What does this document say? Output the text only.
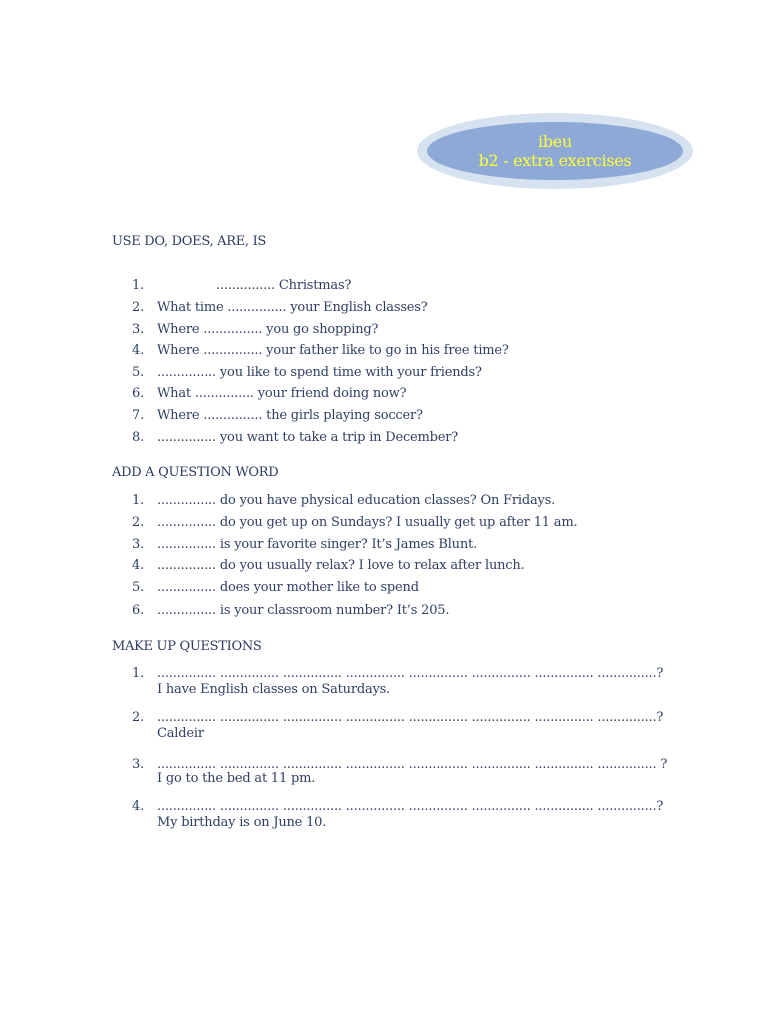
ibeu
b2 - extra exercises
USE DO, DOES, ARE, IS
1. ............... Christmas?
2. What time ............... your English classes?
3. Where ............... you go shopping?
4. Where ............... your father like to go in his free time?
5. ............... you like to spend time with your friends?
6. What ............... your friend doing now?
7. Where ............... the girls playing soccer?
8. ............... you want to take a trip in December?
ADD A QUESTION WORD
1. ............... do you have physical education classes? On Fridays.
2. ............... do you get up on Sundays? I usually get up after 11 am.
3. ............... is your favorite singer? It’s James Blunt.
4. ............... do you usually relax? I love to relax after lunch.
5. ............... does your mother like to spend
6. ............... is your classroom number? It’s 205.
MAKE UP QUESTIONS
1. ............... ............... ............... ............... ............... ............... ............... ...............?
I have English classes on Saturdays.
2. ............... ............... ............... ............... ............... ............... ............... ...............?
Caldeir
3. ............... ............... ............... ............... ............... ............... ............... ............... ?
I go to the bed at 11 pm.
4. ............... ............... ............... ............... ............... ............... ............... ...............?
My birthday is on June 10.
